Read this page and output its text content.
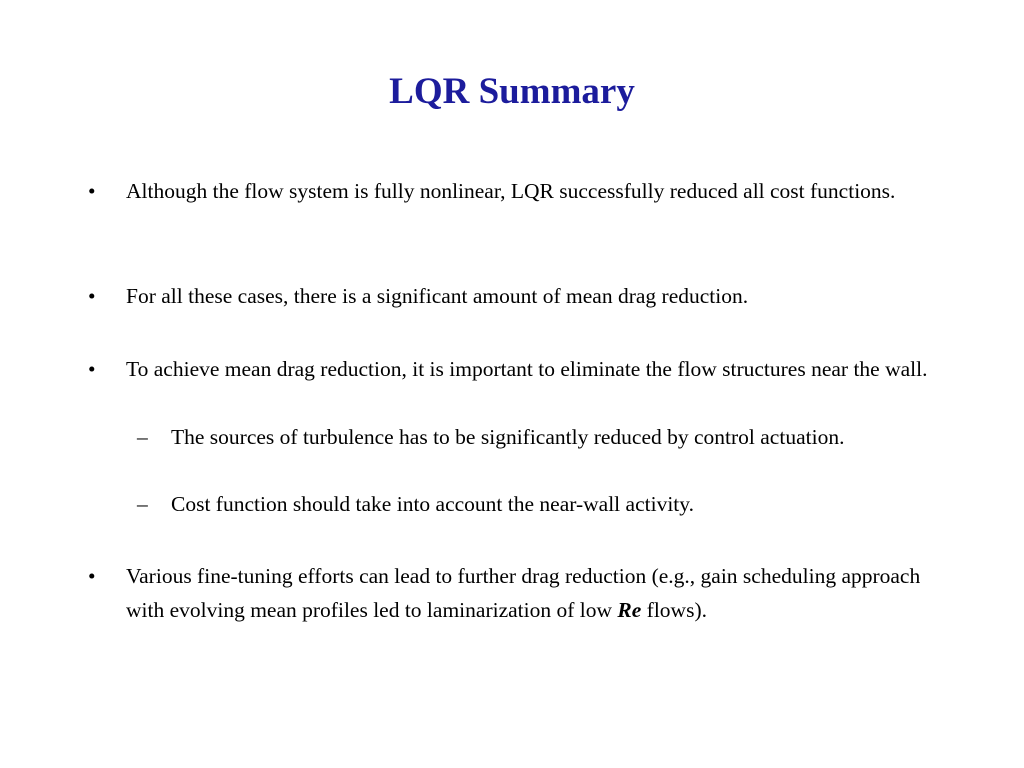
LQR Summary
• Although the flow system is fully nonlinear, LQR successfully reduced all cost functions.
• For all these cases, there is a significant amount of mean drag reduction.
• To achieve mean drag reduction, it is important to eliminate the flow structures near the wall.
– The sources of turbulence has to be significantly reduced by control actuation.
– Cost function should take into account the near-wall activity.
• Various fine-tuning efforts can lead to further drag reduction (e.g., gain scheduling approach with evolving mean profiles led to laminarization of low Re flows).
